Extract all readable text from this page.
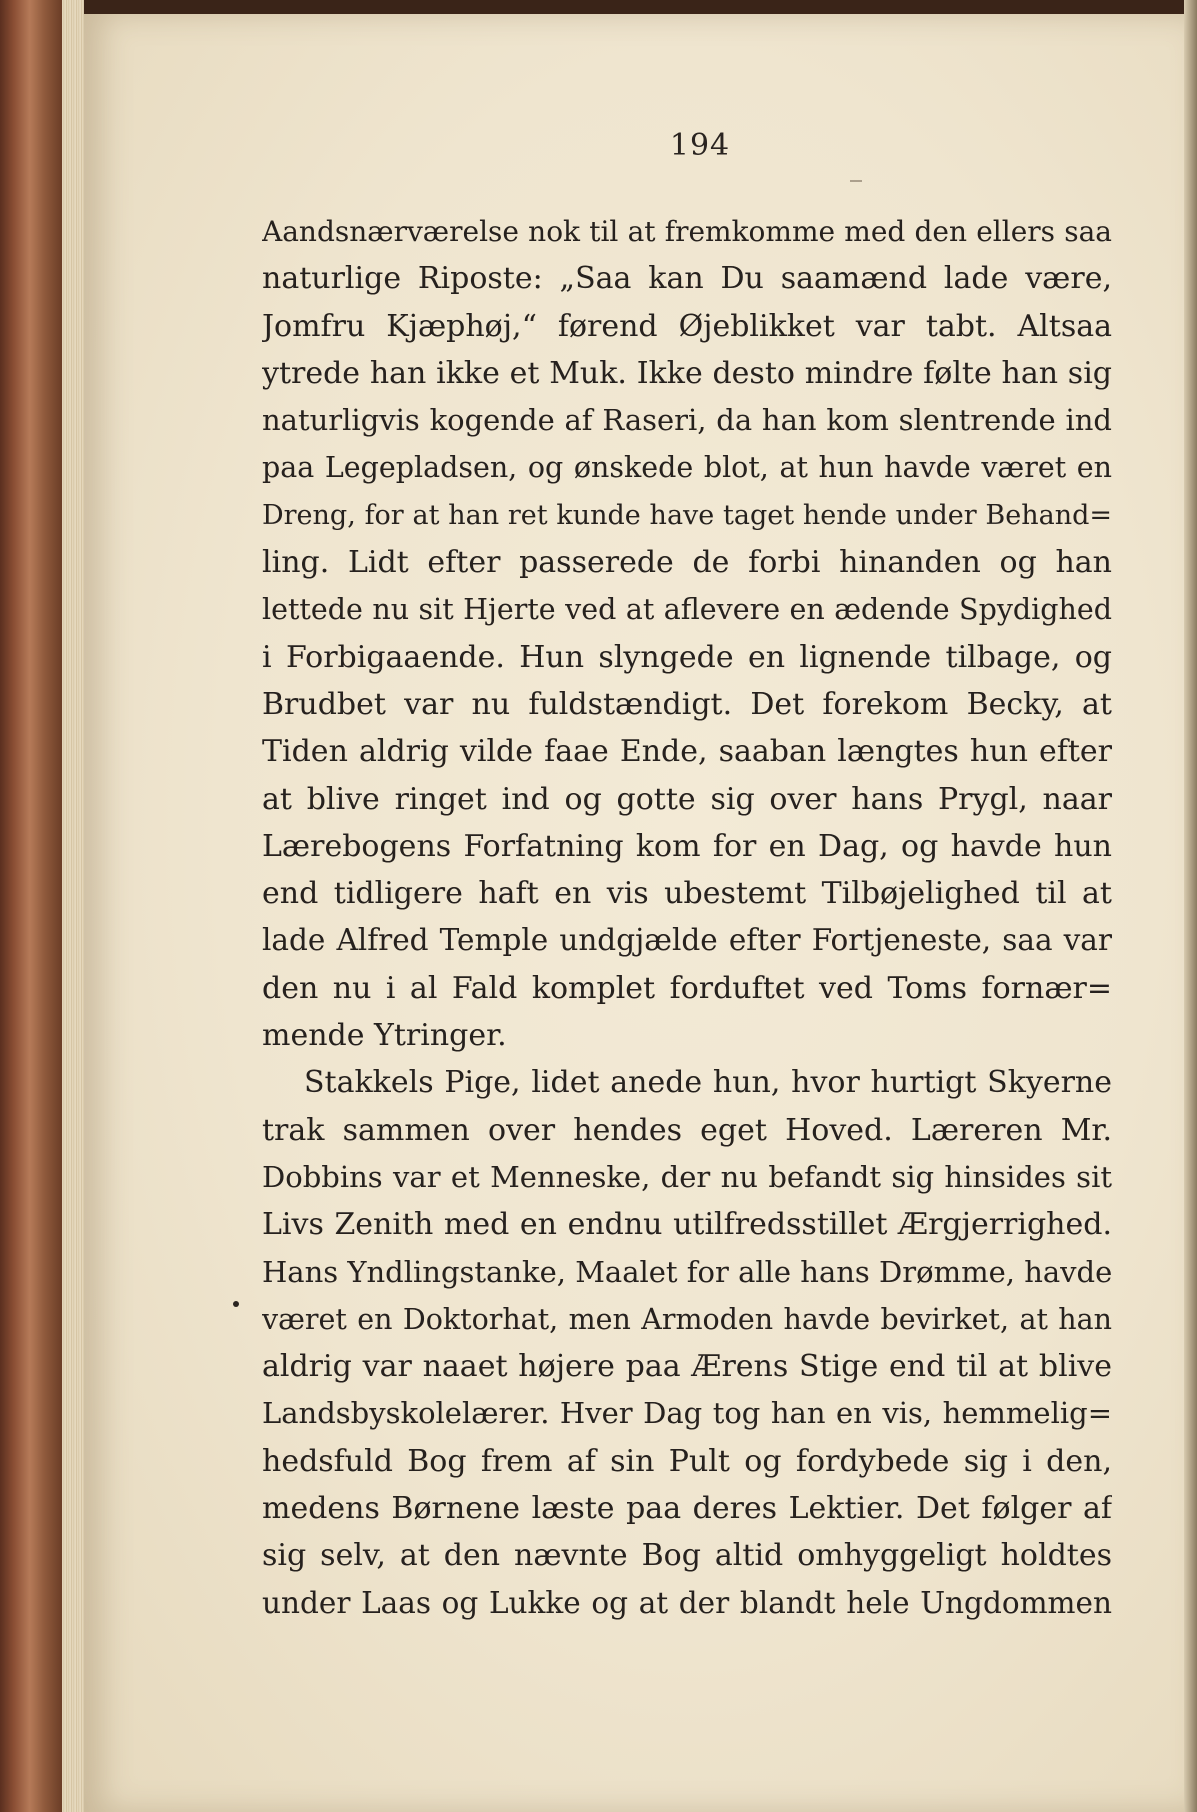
194
Aandsnærværelse nok til at fremkomme med den ellers saa
naturlige Riposte: „Saa kan Du saamænd lade være,
Jomfru Kjæphøj,“ førend Øjeblikket var tabt. Altsaa
ytrede han ikke et Muk. Ikke desto mindre følte han sig
naturligvis kogende af Raseri, da han kom slentrende ind
paa Legepladsen, og ønskede blot, at hun havde været en
Dreng, for at han ret kunde have taget hende under Behand=
ling. Lidt efter passerede de forbi hinanden og han
lettede nu sit Hjerte ved at aflevere en ædende Spydighed
i Forbigaaende. Hun slyngede en lignende tilbage, og
Brudbet var nu fuldstændigt. Det forekom Becky, at
Tiden aldrig vilde faae Ende, saaban længtes hun efter
at blive ringet ind og gotte sig over hans Prygl, naar
Lærebogens Forfatning kom for en Dag, og havde hun
end tidligere haft en vis ubestemt Tilbøjelighed til at
lade Alfred Temple undgjælde efter Fortjeneste, saa var
den nu i al Fald komplet forduftet ved Toms fornær=
mende Ytringer.
Stakkels Pige, lidet anede hun, hvor hurtigt Skyerne
trak sammen over hendes eget Hoved. Læreren Mr.
Dobbins var et Menneske, der nu befandt sig hinsides sit
Livs Zenith med en endnu utilfredsstillet Ærgjerrighed.
Hans Yndlingstanke, Maalet for alle hans Drømme, havde
været en Doktorhat, men Armoden havde bevirket, at han
aldrig var naaet højere paa Ærens Stige end til at blive
Landsbyskolelærer. Hver Dag tog han en vis, hemmelig=
hedsfuld Bog frem af sin Pult og fordybede sig i den,
medens Børnene læste paa deres Lektier. Det følger af
sig selv, at den nævnte Bog altid omhyggeligt holdtes
under Laas og Lukke og at der blandt hele Ungdommen
